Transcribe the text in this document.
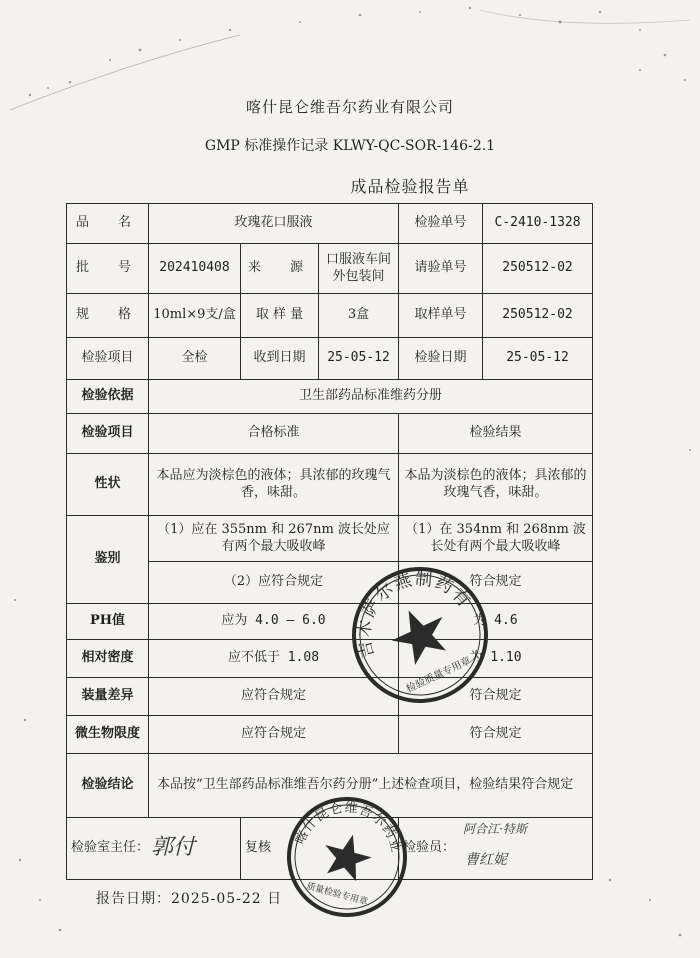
喀什昆仑维吾尔药业有限公司
GMP 标准操作记录 KLWY-QC-SOR-146-2.1
成品检验报告单
品　名	玫瑰花口服液			检验单号	C-2410-1328
批　号	202410408	来　源	口服液车间外包装间	请验单号	250512-02
规　格	10ml×9支/盒	取 样 量	3盒	取样单号	250512-02
检验项目	全检	收到日期	25-05-12	检验日期	25-05-12
检验依据	卫生部药品标准维药分册				
检验项目	合格标准			检验结果	
性状	本品应为淡棕色的液体；具浓郁的玫瑰气香，味甜。			本品为淡棕色的液体；具浓郁的玫瑰气香，味甜。	
鉴别	（1）应在 355nm 和 267nm 波长处应有两个最大吸收峰			（1）在 354nm 和 268nm 波长处有两个最大吸收峰	
	（2）应符合规定			符合规定	
PH值	应为 4.0 — 6.0			为 4.6	
相对密度	应不低于 1.08			为 1.10	
装量差异	应符合规定			符合规定	
微生物限度	应符合规定			符合规定	
检验结论	本品按“卫生部药品标准维吾尔药分册”上述检查项目，检验结果符合规定				
检验室主任： 郭付		复核		检验员：
阿合江·特斯
曹红妮	
报告日期：2025-05-22 日
吉木萨尔燕制药有限公司
检验质量专用章
喀什昆仑维吾尔药业
质量检验专用章
